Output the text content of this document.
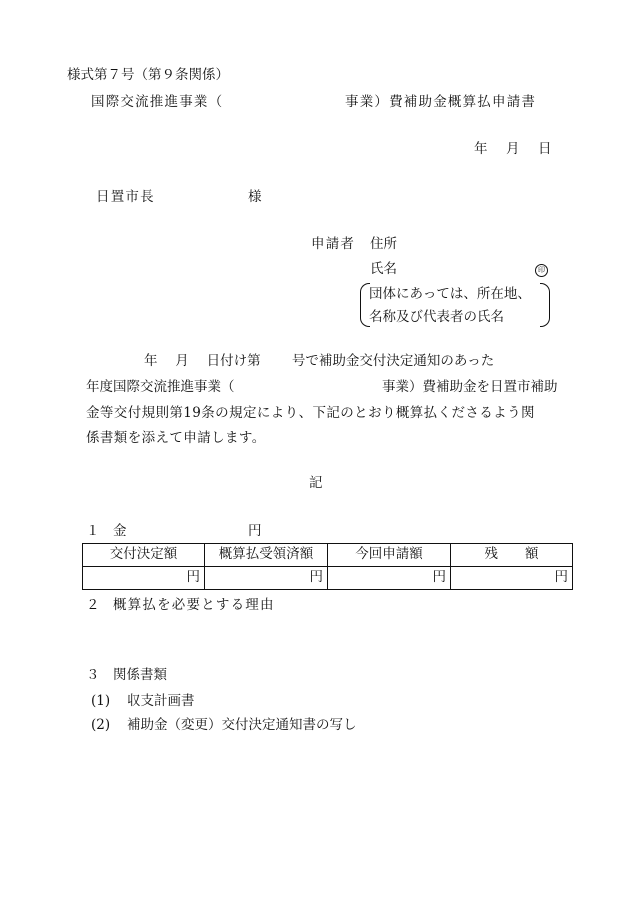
様式第７号（第９条関係）
国際交流推進事業（	事業）費補助金概算払申請書
年 月 日
日置市長	様
申請者 住所
氏名	印
団体にあっては、所在地、
名称及び代表者の氏名
年　 月　 日付け第　　 号で補助金交付決定通知のあった
年度国際交流推進事業（	事業）費補助金を日置市補助
金等交付規則第19条の規定により、下記のとおり概算払くださるよう関
係書類を添えて申請します。
記
１ 金	円
交付決定額	概算払受領済額	今回申請額	残　　額
円	円	円	円
２ 概算払を必要とする理由
３ 関係書類
(1) 収支計画書
(2) 補助金（変更）交付決定通知書の写し
